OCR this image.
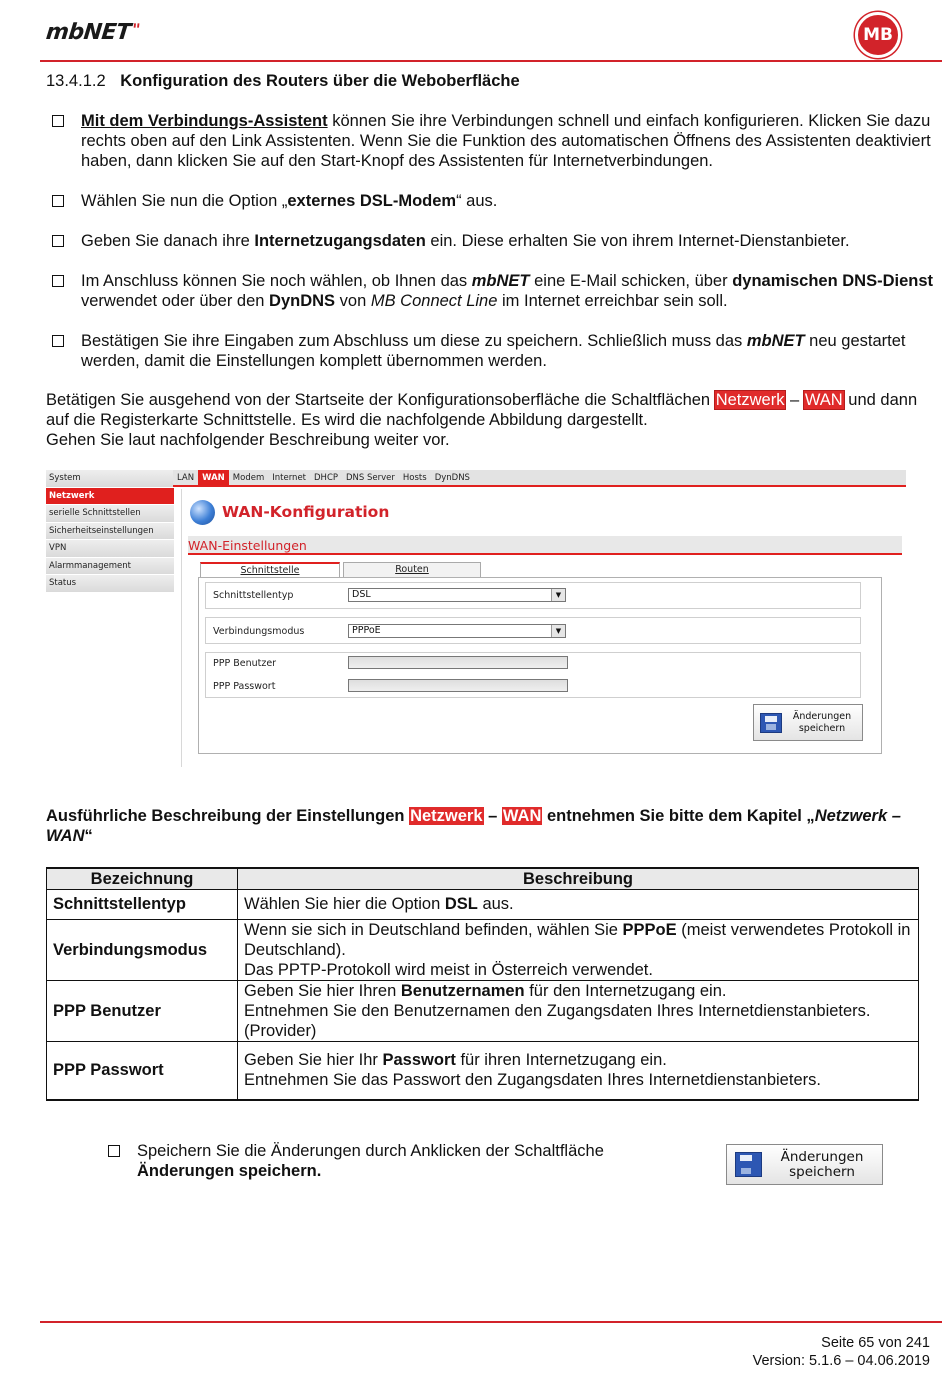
mbNET"	MB
13.4.1.2 Konfiguration des Routers über die Weboberfläche
Mit dem Verbindungs-Assistent können Sie ihre Verbindungen schnell und einfach konfigurieren. Klicken Sie dazu rechts oben auf den Link Assistenten. Wenn Sie die Funktion des automatischen Öffnens des Assistenten deaktiviert haben, dann klicken Sie auf den Start-Knopf des Assistenten für Internetverbindungen.
Wählen Sie nun die Option „externes DSL-Modem“ aus.
Geben Sie danach ihre Internetzugangsdaten ein. Diese erhalten Sie von ihrem Internet-Dienstanbieter.
Im Anschluss können Sie noch wählen, ob Ihnen das mbNET eine E-Mail schicken, über dynamischen DNS-Dienst verwendet oder über den DynDNS von MB Connect Line im Internet erreichbar sein soll.
Bestätigen Sie ihre Eingaben zum Abschluss um diese zu speichern. Schließlich muss das mbNET neu gestartet werden, damit die Einstellungen komplett übernommen werden.
Betätigen Sie ausgehend von der Startseite der Konfigurationsoberfläche die Schaltflächen Netzwerk – WAN und dann auf die Registerkarte Schnittstelle. Es wird die nachfolgende Abbildung dargestellt.
Gehen Sie laut nachfolgender Beschreibung weiter vor.
System
Netzwerk
serielle Schnittstellen
Sicherheitseinstellungen
VPN
Alarmmanagement
Status
LAN WAN Modem Internet DHCP DNS Server Hosts DynDNS
WAN-Konfiguration
WAN-Einstellungen
Schnittstelle	Routen
Schnittstellentyp	DSL	▼
Verbindungsmodus	PPPoE	▼
PPP Benutzer
PPP Passwort
Änderungen
speichern
Ausführliche Beschreibung der Einstellungen Netzwerk – WAN entnehmen Sie bitte dem Kapitel „Netzwerk – WAN“
Bezeichnung	Beschreibung
Schnittstellentyp	Wählen Sie hier die Option DSL aus.
Verbindungsmodus	Wenn sie sich in Deutschland befinden, wählen Sie PPPoE (meist verwendetes Protokoll in Deutschland).
Das PPTP-Protokoll wird meist in Österreich verwendet.
PPP Benutzer	Geben Sie hier Ihren Benutzernamen für den Internetzugang ein.
Entnehmen Sie den Benutzernamen den Zugangsdaten Ihres Internetdienstanbieters. (Provider)
PPP Passwort	Geben Sie hier Ihr Passwort für ihren Internetzugang ein.
Entnehmen Sie das Passwort den Zugangsdaten Ihres Internetdienstanbieters.
Speichern Sie die Änderungen durch Anklicken der Schaltfläche
Änderungen speichern.
Änderungen
speichern
Seite 65 von 241
Version: 5.1.6 – 04.06.2019
